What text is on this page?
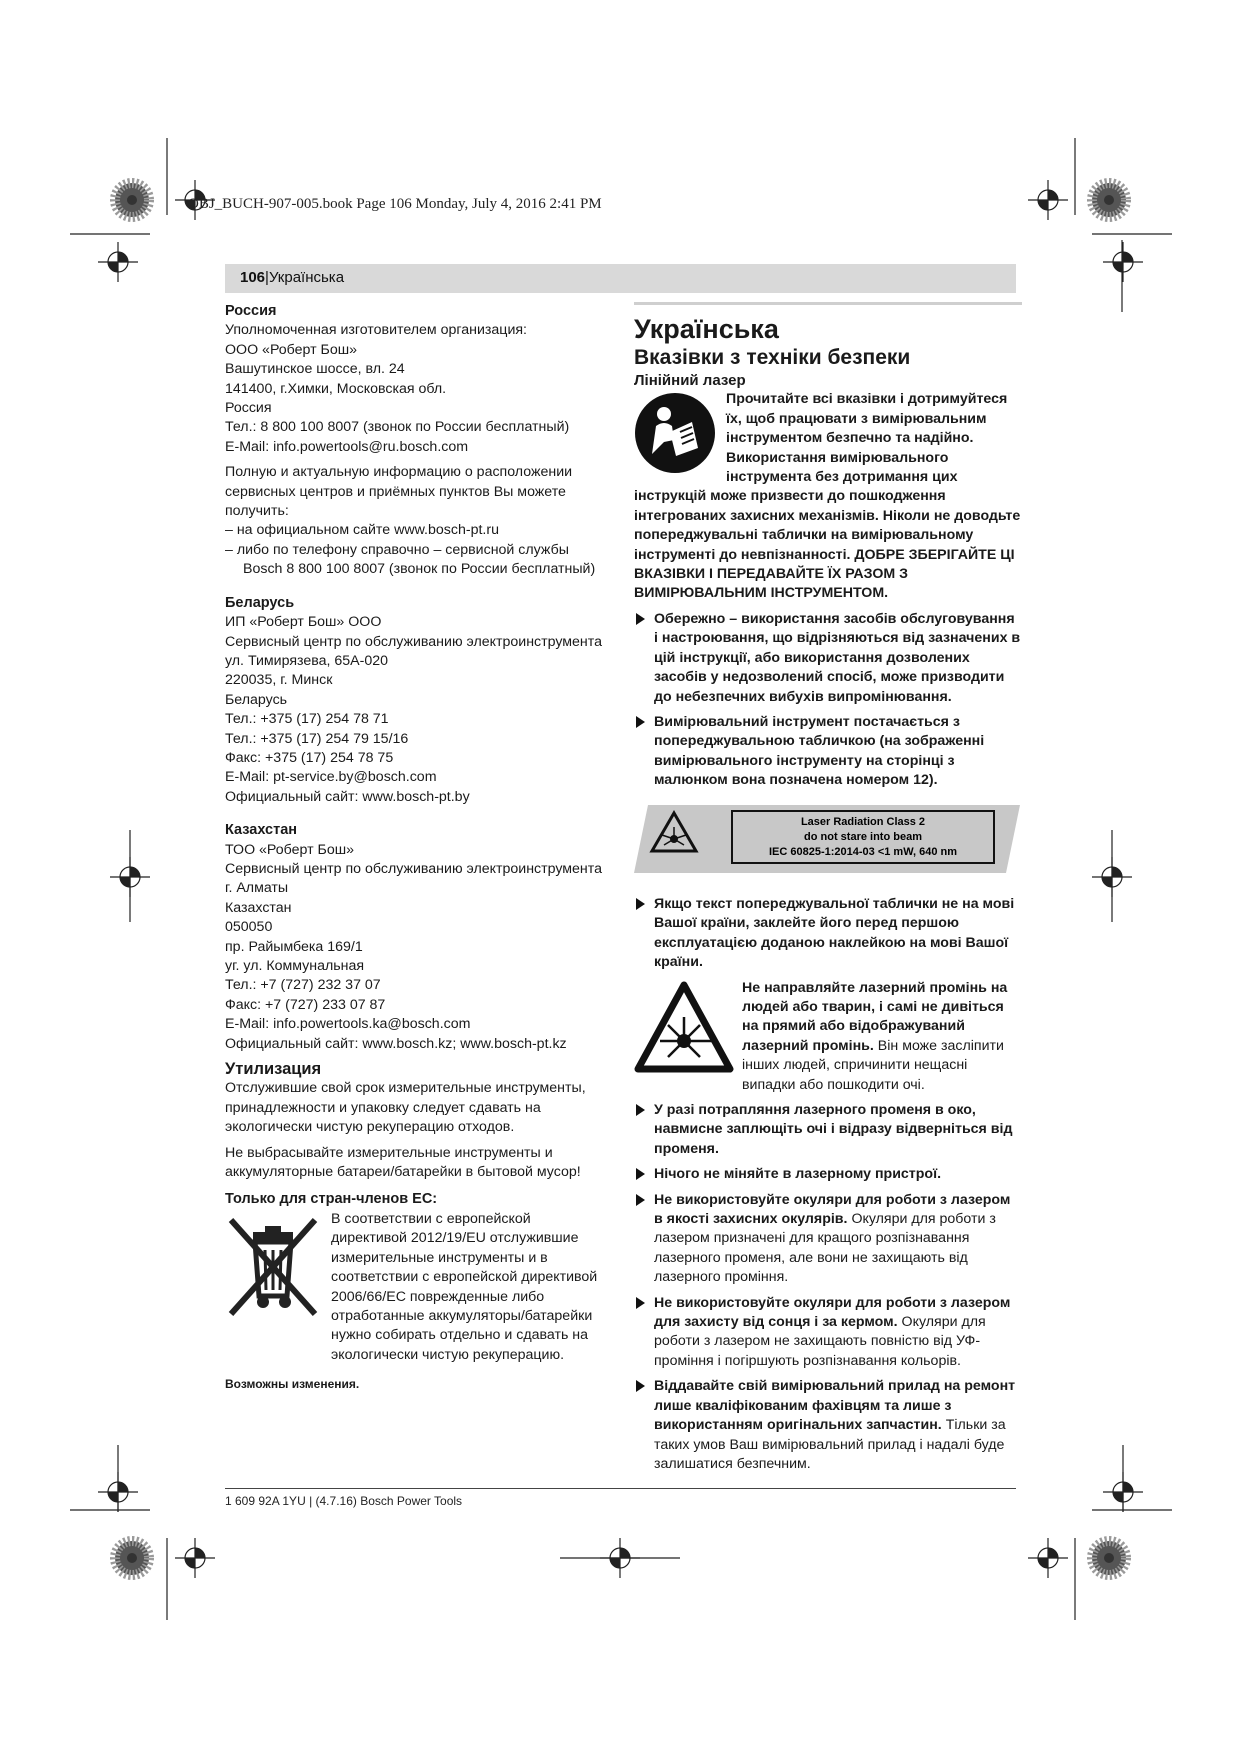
OBJ_BUCH-907-005.book Page 106 Monday, July 4, 2016 2:41 PM
106|Українська

Россия

Уполномоченная изготовителем организация:

ООО «Роберт Бош»

Вашутинское шоссе, вл. 24

141400, г.Химки, Московская обл.

Россия

Тел.: 8 800 100 8007 (звонок по России бесплатный)

E-Mail: info.powertools@ru.bosch.com

Полную и актуальную информацию о расположении сервисных центров и приёмных пунктов Вы можете получить:

– на официальном сайте www.bosch-pt.ru

– либо по телефону справочно – сервисной службы

Bosch 8 800 100 8007 (звонок по России бесплатный)

Беларусь

ИП «Роберт Бош» ООО

Сервисный центр по обслуживанию электроинструмента

ул. Тимирязева, 65А-020

220035, г. Минск

Беларусь

Тел.: +375 (17) 254 78 71

Тел.: +375 (17) 254 79 15/16

Факс: +375 (17) 254 78 75

E-Mail: pt-service.by@bosch.com

Официальный сайт: www.bosch-pt.by

Казахстан

ТОО «Роберт Бош»

Сервисный центр по обслуживанию электроинструмента

г. Алматы

Казахстан

050050

пр. Райымбека 169/1

уг. ул. Коммунальная

Тел.: +7 (727) 232 37 07

Факс: +7 (727) 233 07 87

E-Mail: info.powertools.ka@bosch.com

Официальный сайт: www.bosch.kz; www.bosch-pt.kz

Утилизация

Отслужившие свой срок измерительные инструменты, принадлежности и упаковку следует сдавать на экологически чистую рекуперацию отходов.

Не выбрасывайте измерительные инструменты и аккумуляторные батареи/батарейки в бытовой мусор!

Только для стран-членов ЕС:

В соответствии с европейской директивой 2012/19/EU отслужившие измерительные инструменты и в соответствии с европейской директивой 2006/66/EC поврежденные либо отработанные аккумуляторы/батарейки нужно собирать отдельно и сдавать на экологически чистую рекуперацию.

Возможны изменения.

Українська

Вказівки з техніки безпеки

Лінійний лазер

Прочитайте всі вказівки і дотримуйтеся їх, щоб працювати з вимірювальним інструментом безпечно та надійно. Використання вимірювального інструмента без дотримання цих інструкцій може призвести до пошкодження інтегрованих захисних механізмів. Ніколи не доводьте попереджувальні таблички на вимірювальному інструменті до невпізнанності. ДОБРЕ ЗБЕРІГАЙТЕ ЦІ ВКАЗІВКИ І ПЕРЕДАВАЙТЕ ЇХ РАЗОМ З ВИМІРЮВАЛЬНИМ ІНСТРУМЕНТОМ.

Обережно – використання засобів обслуговування і настроювання, що відрізняються від зазначених в цій інструкції, або використання дозволених засобів у недозволений спосіб, може призводити до небезпечних вибухів випромінювання.

Вимірювальний інструмент постачається з попереджувальною табличкою (на зображенні вимірювального інструменту на сторінці з малюнком вона позначена номером 12).

Laser Radiation Class 2
do not stare into beam
IEC 60825-1:2014-03 <1 mW, 640 nm

Якщо текст попереджувальної таблички не на мові Вашої країни, заклейте його перед першою експлуатацією доданою наклейкою на мові Вашої країни.

Не направляйте лазерний промінь на людей або тварин, і самі не дивіться на прямий або відображуваний лазерний промінь. Він може засліпити інших людей, спричинити нещасні випадки або пошкодити очі.

У разі потрапляння лазерного променя в око, навмисне заплющіть очі і відразу відверніться від променя.

Нічого не міняйте в лазерному пристрої.

Не використовуйте окуляри для роботи з лазером в якості захисних окулярів. Окуляри для роботи з лазером призначені для кращого розпізнавання лазерного променя, але вони не захищають від лазерного проміння.

Не використовуйте окуляри для роботи з лазером для захисту від сонця і за кермом. Окуляри для роботи з лазером не захищають повністю від УФ-проміння і погіршують розпізнавання кольорів.

Віддавайте свій вимірювальний прилад на ремонт лише кваліфікованим фахівцям та лише з використанням оригінальних запчастин. Тільки за таких умов Ваш вимірювальний прилад і надалі буде залишатися безпечним.

1 609 92A 1YU | (4.7.16) Bosch Power Tools
